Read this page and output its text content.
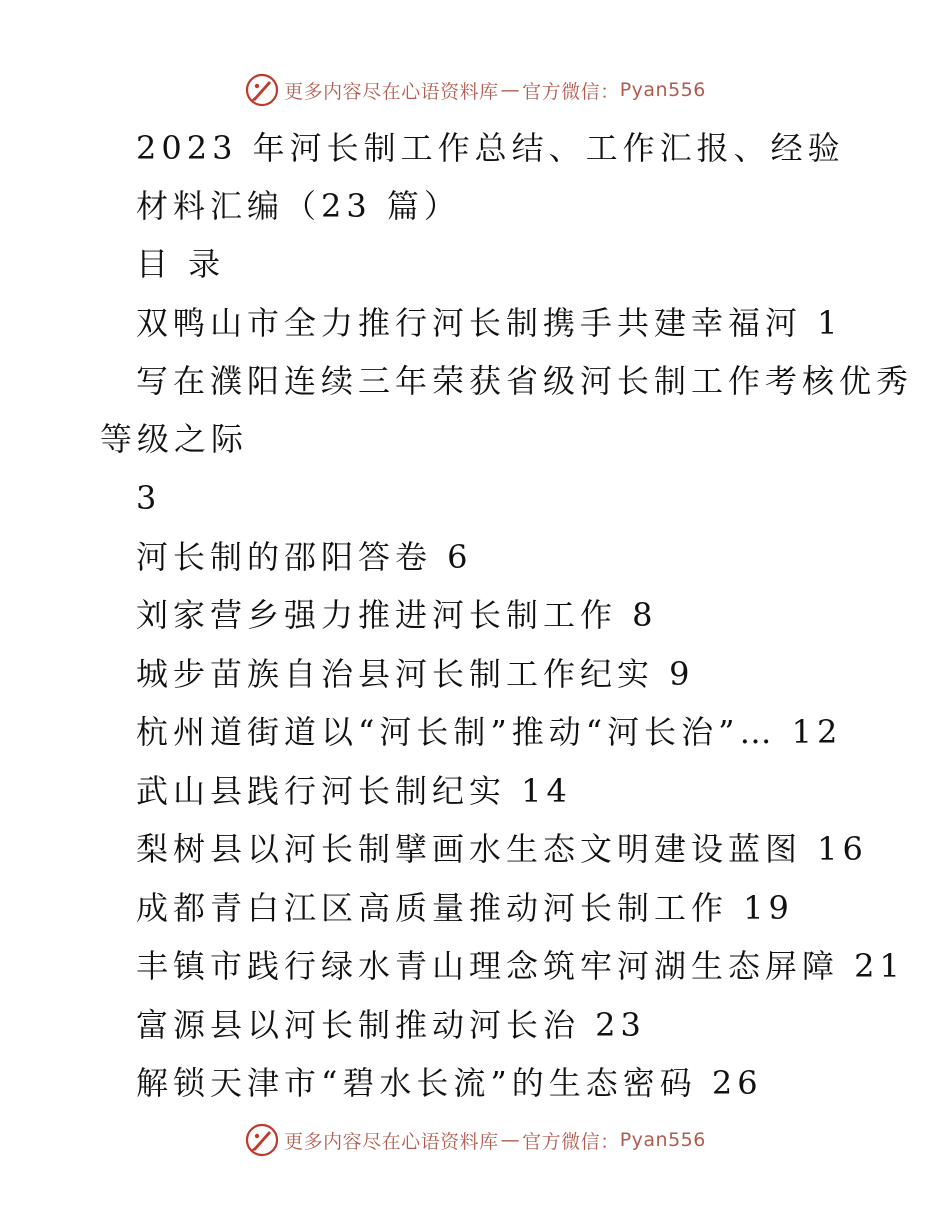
更多内容尽在心语资料库 — 官方微信： Pyan556
2023 年河长制工作总结、工作汇报、经验
材料汇编（23 篇）
目 录
双鸭山市全力推行河长制携手共建幸福河 1
写在濮阳连续三年荣获省级河长制工作考核优秀
等级之际
3
河长制的邵阳答卷 6
刘家营乡强力推进河长制工作 8
城步苗族自治县河长制工作纪实 9
杭州道街道以“河长制”推动“河长治”… 12
武山县践行河长制纪实 14
梨树县以河长制擘画水生态文明建设蓝图 16
成都青白江区高质量推动河长制工作 19
丰镇市践行绿水青山理念筑牢河湖生态屏障 21
富源县以河长制推动河长治 23
解锁天津市“碧水长流”的生态密码 26
更多内容尽在心语资料库 — 官方微信： Pyan556
